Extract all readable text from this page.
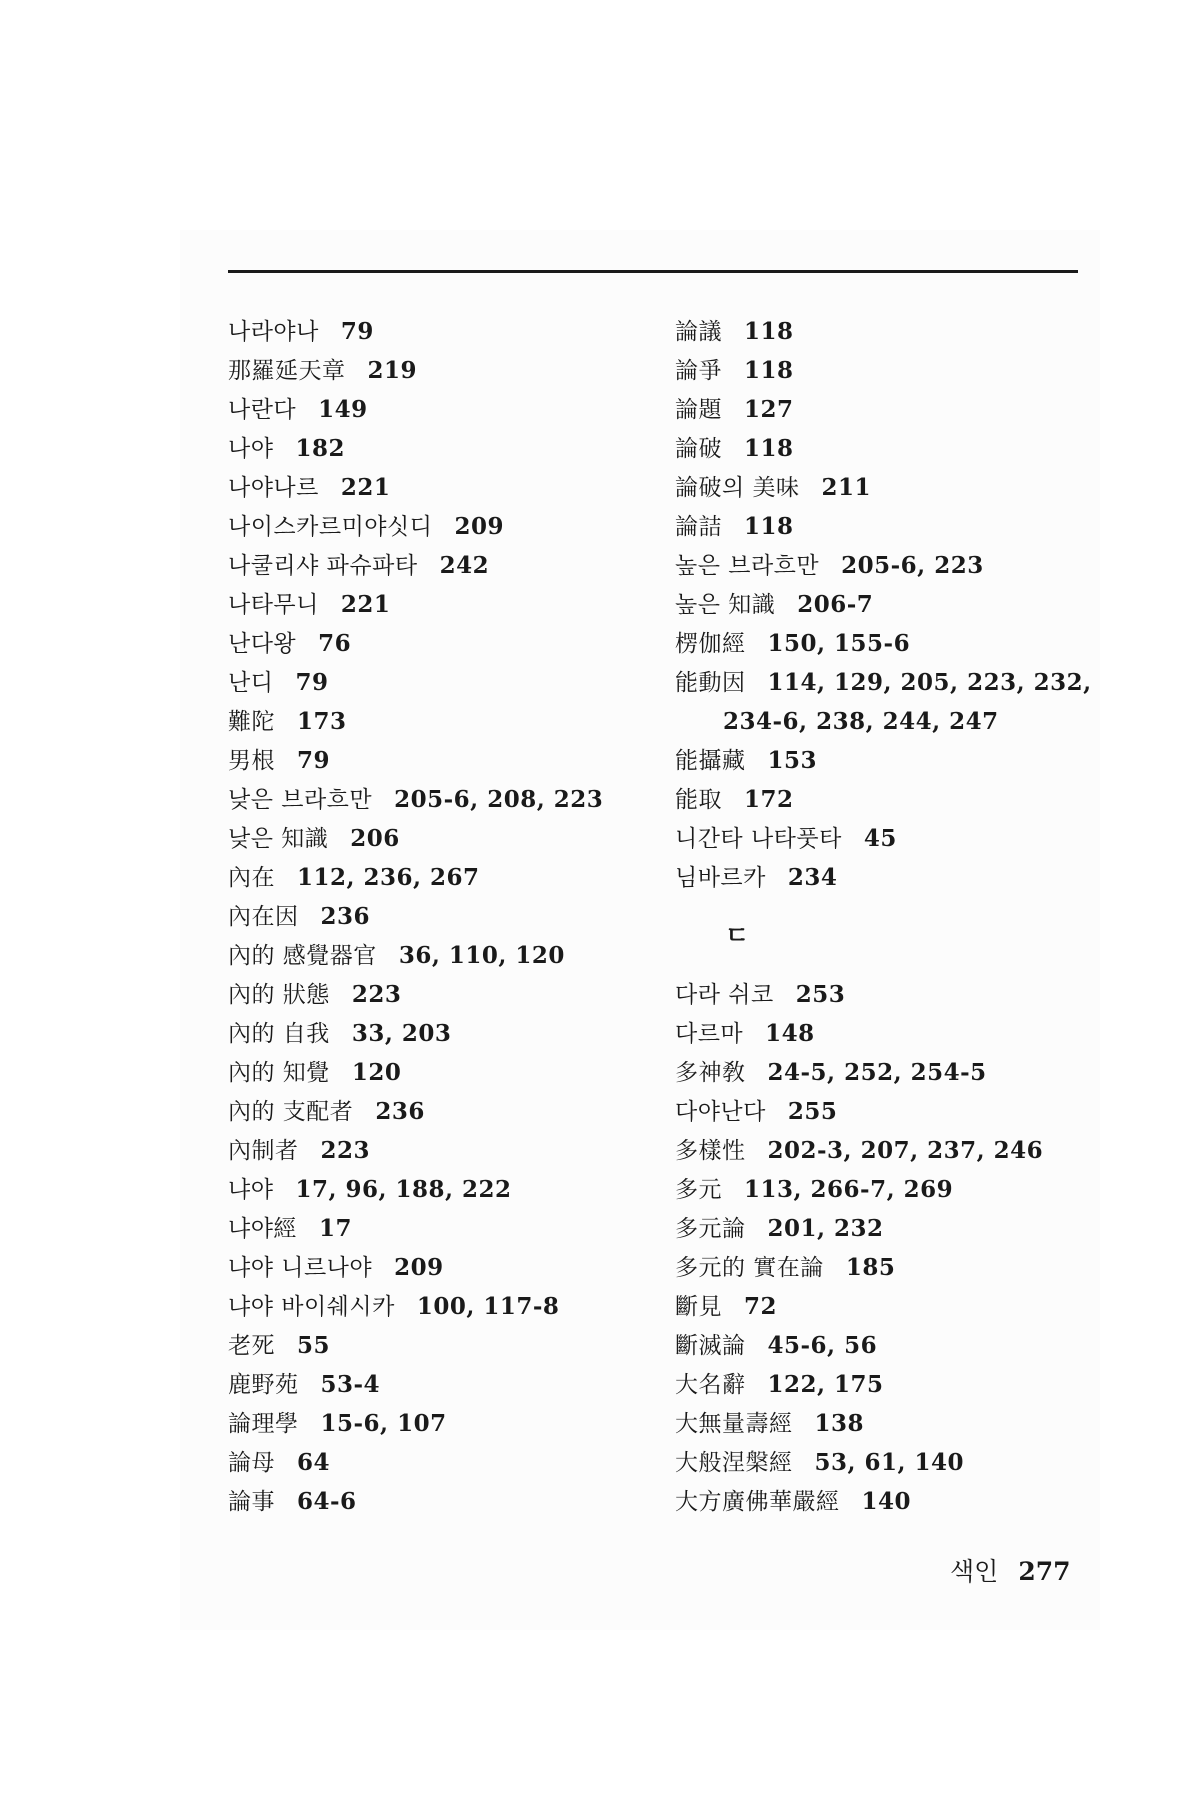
나라야나 79
那羅延天章 219
나란다 149
나야 182
나야나르 221
나이스카르미야싯디 209
나쿨리샤 파슈파타 242
나타무니 221
난다왕 76
난디 79
難陀 173
男根 79
낮은 브라흐만 205-6, 208, 223
낮은 知識 206
內在 112, 236, 267
內在因 236
內的 感覺器官 36, 110, 120
內的 狀態 223
內的 自我 33, 203
內的 知覺 120
內的 支配者 236
內制者 223
냐야 17, 96, 188, 222
냐야經 17
냐야 니르나야 209
냐야 바이쉐시카 100, 117-8
老死 55
鹿野苑 53-4
論理學 15-6, 107
論母 64
論事 64-6
論議 118
論爭 118
論題 127
論破 118
論破의 美味 211
論詰 118
높은 브라흐만 205-6, 223
높은 知識 206-7
楞伽經 150, 155-6
能動因 114, 129, 205, 223, 232,
234-6, 238, 244, 247
能攝藏 153
能取 172
니간타 나타풋타 45
님바르카 234
ㄷ
다라 쉬코 253
다르마 148
多神敎 24-5, 252, 254-5
다야난다 255
多樣性 202-3, 207, 237, 246
多元 113, 266-7, 269
多元論 201, 232
多元的 實在論 185
斷見 72
斷滅論 45-6, 56
大名辭 122, 175
大無量壽經 138
大般涅槃經 53, 61, 140
大方廣佛華嚴經 140
색인 277
